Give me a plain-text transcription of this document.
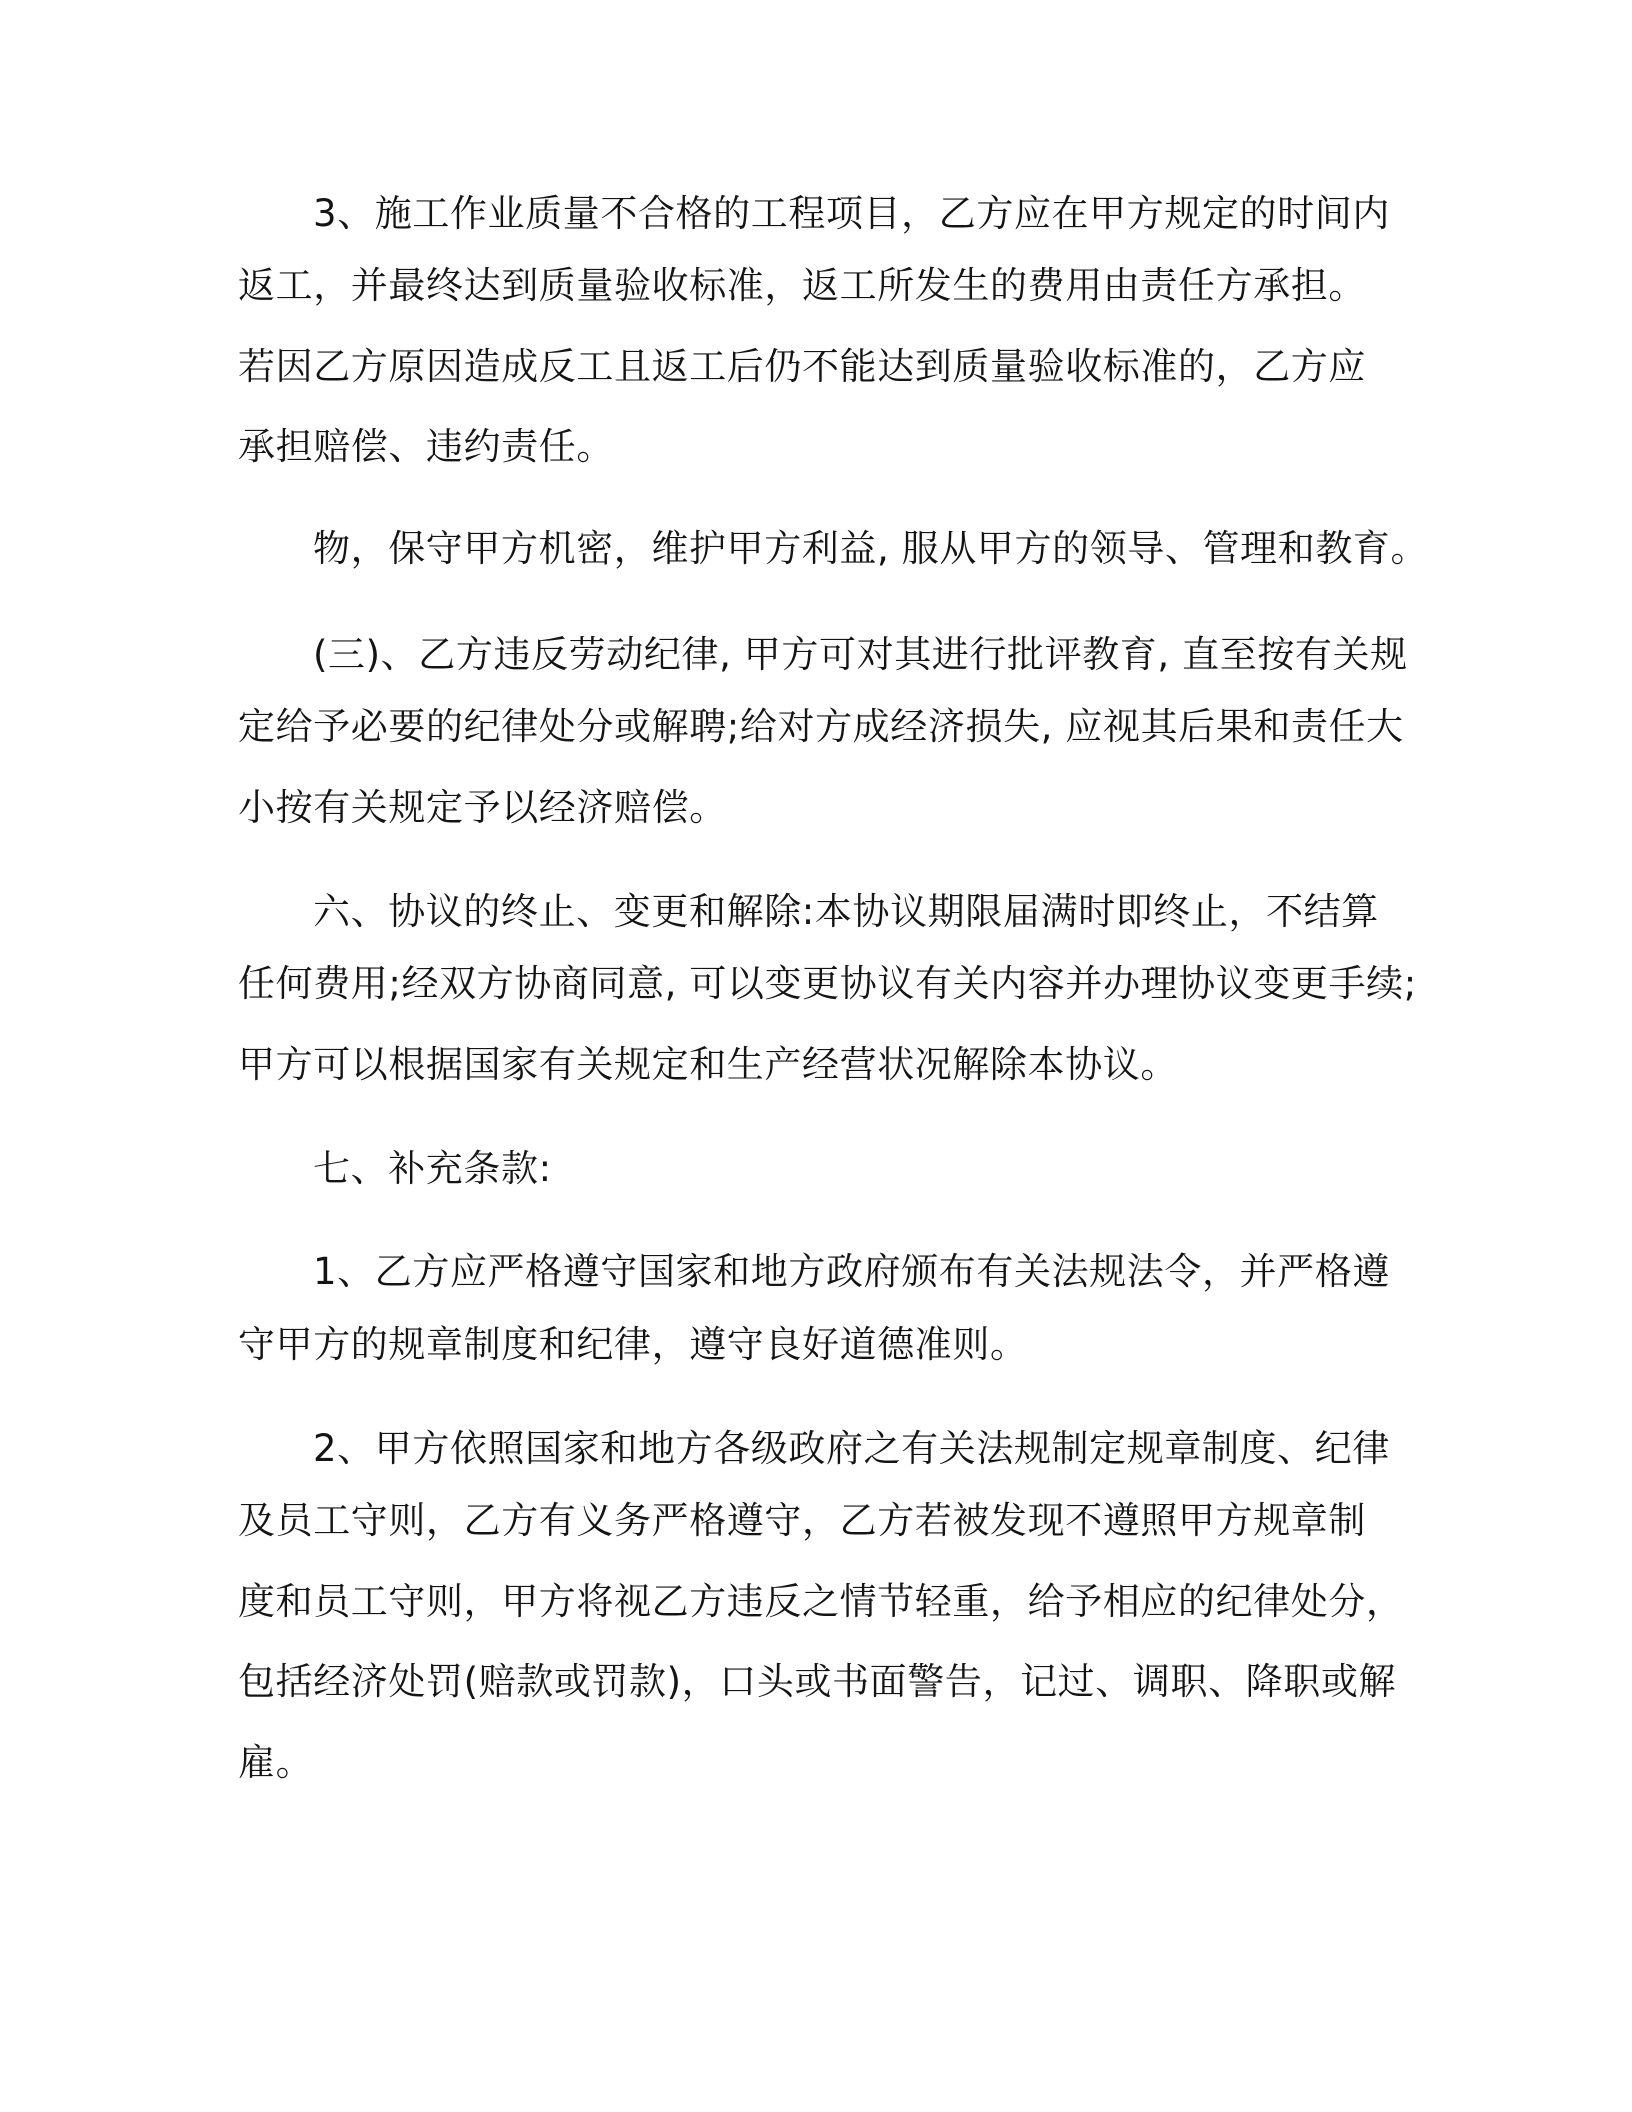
3、施工作业质量不合格的工程项目，乙方应在甲方规定的时间内
返工，并最终达到质量验收标准，返工所发生的费用由责任方承担。
若因乙方原因造成反工且返工后仍不能达到质量验收标准的，乙方应
承担赔偿、违约责任。
物，保守甲方机密，维护甲方利益, 服从甲方的领导、管理和教育。
(三)、乙方违反劳动纪律, 甲方可对其进行批评教育, 直至按有关规
定给予必要的纪律处分或解聘;给对方成经济损失, 应视其后果和责任大
小按有关规定予以经济赔偿。
六、协议的终止、变更和解除:本协议期限届满时即终止，不结算
任何费用;经双方协商同意, 可以变更协议有关内容并办理协议变更手续;
甲方可以根据国家有关规定和生产经营状况解除本协议。
七、补充条款:
1、乙方应严格遵守国家和地方政府颁布有关法规法令，并严格遵
守甲方的规章制度和纪律，遵守良好道德准则。
2、甲方依照国家和地方各级政府之有关法规制定规章制度、纪律
及员工守则，乙方有义务严格遵守，乙方若被发现不遵照甲方规章制
度和员工守则，甲方将视乙方违反之情节轻重，给予相应的纪律处分，
包括经济处罚(赔款或罚款)，口头或书面警告，记过、调职、降职或解
雇。
